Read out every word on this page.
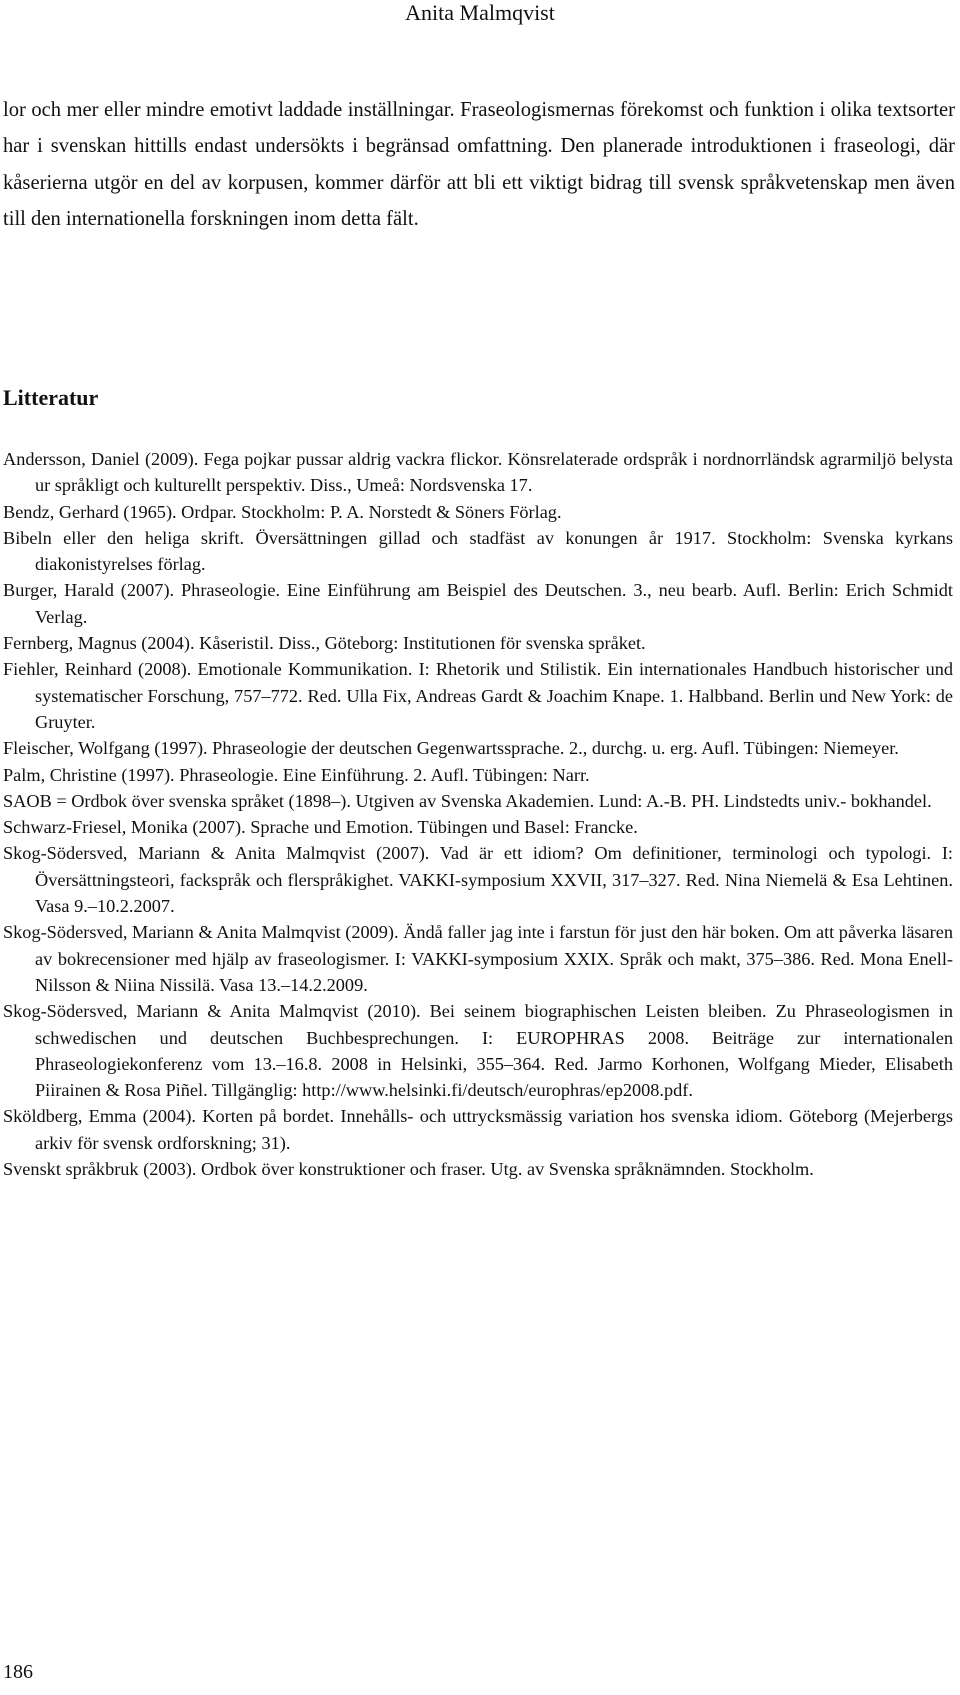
Anita Malmqvist

lor och mer eller mindre emotivt laddade inställningar. Fraseologismernas förekomst och funktion i olika textsorter har i svenskan hittills endast undersökts i begränsad omfattning. Den planerade introduktionen i fraseologi, där kåserierna utgör en del av korpusen, kommer därför att bli ett viktigt bidrag till svensk språkvetenskap men även till den internationella forskningen inom detta fält.

Litteratur
Andersson, Daniel (2009). Fega pojkar pussar aldrig vackra flickor. Könsrelaterade ordspråk i nordnorrländsk agrarmiljö belysta ur språkligt och kulturellt perspektiv. Diss., Umeå: Nordsvenska 17.
Bendz, Gerhard (1965). Ordpar. Stockholm: P. A. Norstedt & Söners Förlag.
Bibeln eller den heliga skrift. Översättningen gillad och stadfäst av konungen år 1917. Stockholm: Svenska kyrkans diakonistyrelses förlag.
Burger, Harald (2007). Phraseologie. Eine Einführung am Beispiel des Deutschen. 3., neu bearb. Aufl. Berlin: Erich Schmidt Verlag.
Fernberg, Magnus (2004). Kåseristil. Diss., Göteborg: Institutionen för svenska språket.
Fiehler, Reinhard (2008). Emotionale Kommunikation. I: Rhetorik und Stilistik. Ein internationales Handbuch historischer und systematischer Forschung, 757–772. Red. Ulla Fix, Andreas Gardt & Joachim Knape. 1. Halbband. Berlin und New York: de Gruyter.
Fleischer, Wolfgang (1997). Phraseologie der deutschen Gegenwartssprache. 2., durchg. u. erg. Aufl. Tübingen: Niemeyer.
Palm, Christine (1997). Phraseologie. Eine Einführung. 2. Aufl. Tübingen: Narr.
SAOB = Ordbok över svenska språket (1898–). Utgiven av Svenska Akademien. Lund: A.-B. PH. Lindstedts univ.- bokhandel.
Schwarz-Friesel, Monika (2007). Sprache und Emotion. Tübingen und Basel: Francke.
Skog-Södersved, Mariann & Anita Malmqvist (2007). Vad är ett idiom? Om definitioner, terminologi och typologi. I: Översättningsteori, fackspråk och flerspråkighet. VAKKI-symposium XXVII, 317–327. Red. Nina Niemelä & Esa Lehtinen. Vasa 9.–10.2.2007.
Skog-Södersved, Mariann & Anita Malmqvist (2009). Ändå faller jag inte i farstun för just den här boken. Om att påverka läsaren av bokrecensioner med hjälp av fraseologismer. I: VAKKI-symposium XXIX. Språk och makt, 375–386. Red. Mona Enell-Nilsson & Niina Nissilä. Vasa 13.–14.2.2009.
Skog-Södersved, Mariann & Anita Malmqvist (2010). Bei seinem biographischen Leisten bleiben. Zu Phraseologismen in schwedischen und deutschen Buchbesprechungen. I: EUROPHRAS 2008. Beiträge zur internationalen Phraseologiekonferenz vom 13.–16.8. 2008 in Helsinki, 355–364. Red. Jarmo Korhonen, Wolfgang Mieder, Elisabeth Piirainen & Rosa Piñel. Tillgänglig: http://www.helsinki.fi/deutsch/europhras/ep2008.pdf.
Sköldberg, Emma (2004). Korten på bordet. Innehålls- och uttrycksmässig variation hos svenska idiom. Göteborg (Mejerbergs arkiv för svensk ordforskning; 31).
Svenskt språkbruk (2003). Ordbok över konstruktioner och fraser. Utg. av Svenska språknämnden. Stockholm.
186
